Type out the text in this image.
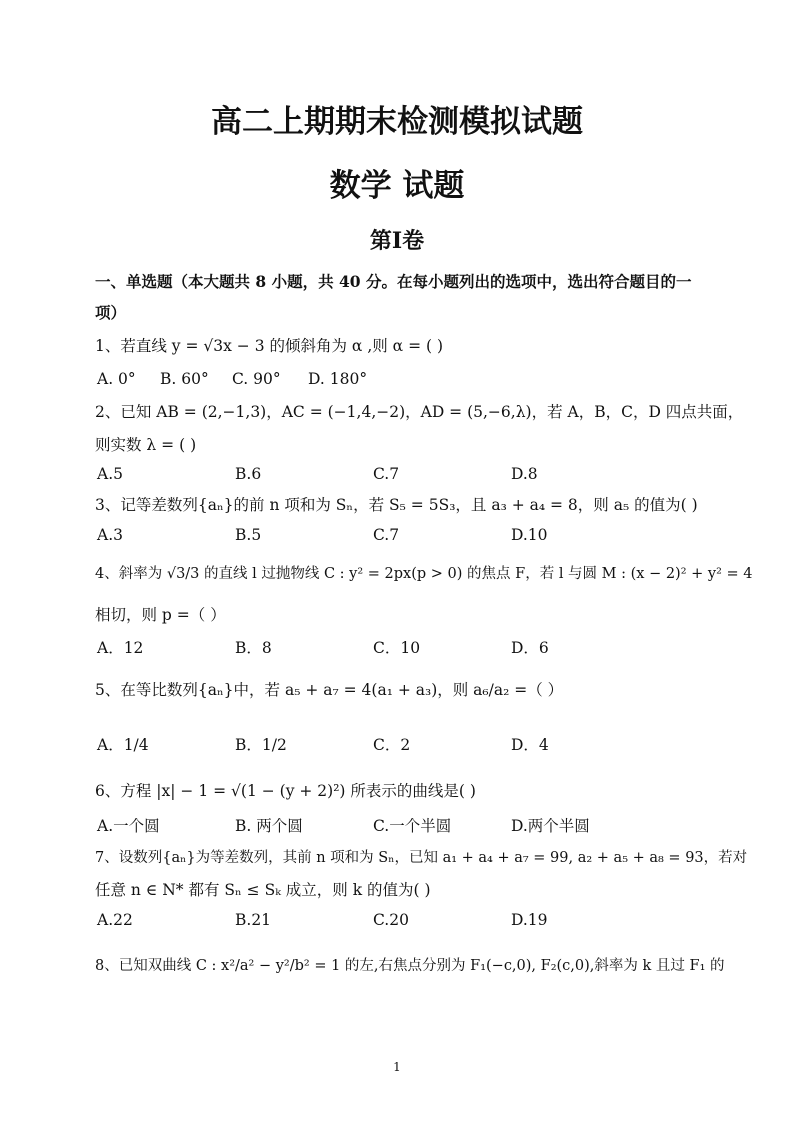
高二上期期末检测模拟试题
数学 试题
第I卷
一、单选题（本大题共 8 小题，共 40 分。在每小题列出的选项中，选出符合题目的一
项）
1、若直线 y = √3x − 3 的倾斜角为 α ,则 α = ( )
A. 0° B. 60° C. 90° D. 180°
2、已知 AB = (2,−1,3)，AC = (−1,4,−2)，AD = (5,−6,λ)，若 A，B，C，D 四点共面，
则实数 λ = ( )
A.5	B.6	C.7	D.8
3、记等差数列{aₙ}的前 n 项和为 Sₙ，若 S₅ = 5S₃，且 a₃ + a₄ = 8，则 a₅ 的值为( )
A.3	B.5	C.7	D.10
4、斜率为 √3/3 的直线 l 过抛物线 C : y² = 2px(p > 0) 的焦点 F，若 l 与圆 M : (x − 2)² + y² = 4
相切，则 p =（ ）
A．12	B．8	C．10	D．6
5、在等比数列{aₙ}中，若 a₅ + a₇ = 4(a₁ + a₃)，则 a₆/a₂ =（ ）
A．1/4	B．1/2	C．2	D．4
6、方程 |x| − 1 = √(1 − (y + 2)²) 所表示的曲线是( )
A.一个圆	B. 两个圆	C.一个半圆	D.两个半圆
7、设数列{aₙ}为等差数列，其前 n 项和为 Sₙ，已知 a₁ + a₄ + a₇ = 99, a₂ + a₅ + a₈ = 93，若对
任意 n ∈ N* 都有 Sₙ ≤ Sₖ 成立，则 k 的值为( )
A.22	B.21	C.20	D.19
8、已知双曲线 C : x²/a² − y²/b² = 1 的左,右焦点分别为 F₁(−c,0), F₂(c,0),斜率为 k 且过 F₁ 的
1
